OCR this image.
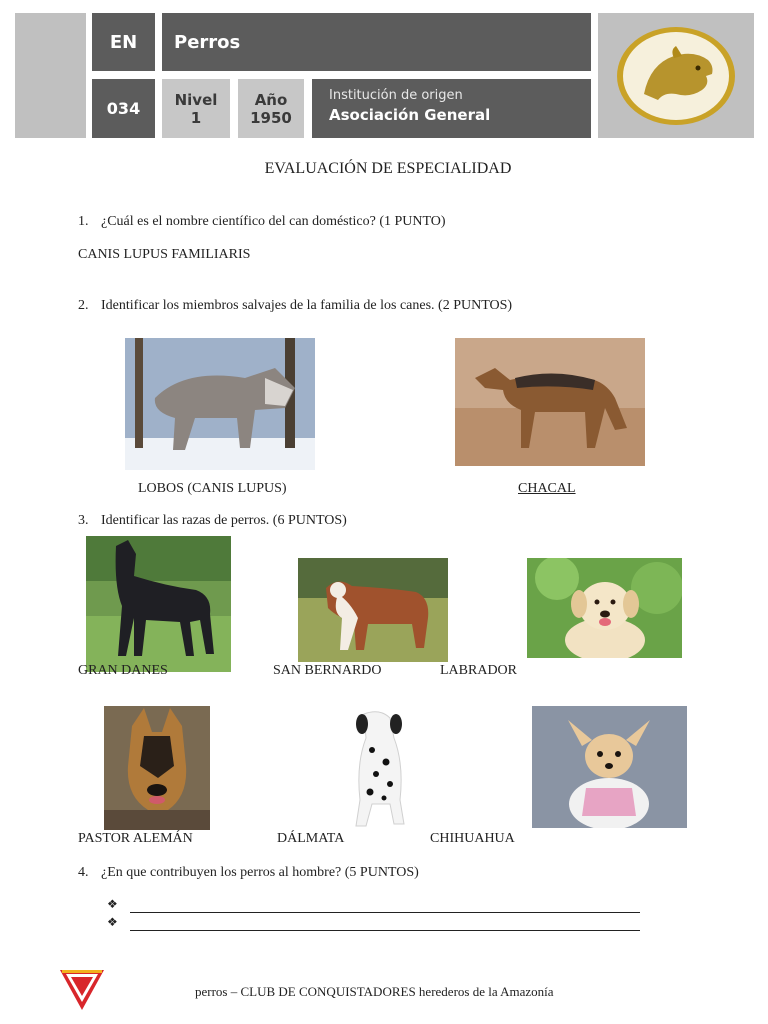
EN	Perros
034	Nivel
1
Año
1950
Institución de origen
Asociación General
EVALUACIÓN DE ESPECIALIDAD
1. ¿Cuál es el nombre científico del can doméstico? (1 PUNTO)
CANIS LUPUS FAMILIARIS
2. Identificar los miembros salvajes de la familia de los canes. (2 PUNTOS)
LOBOS (CANIS LUPUS)	CHACAL
3. Identificar las razas de perros. (6 PUNTOS)
GRAN DANES	SAN BERNARDO	LABRADOR
PASTOR ALEMÁN	DÁLMATA	CHIHUAHUA
4. ¿En que contribuyen los perros al hombre? (5 PUNTOS)
❖
❖
perros – CLUB DE CONQUISTADORES herederos de la Amazonía
